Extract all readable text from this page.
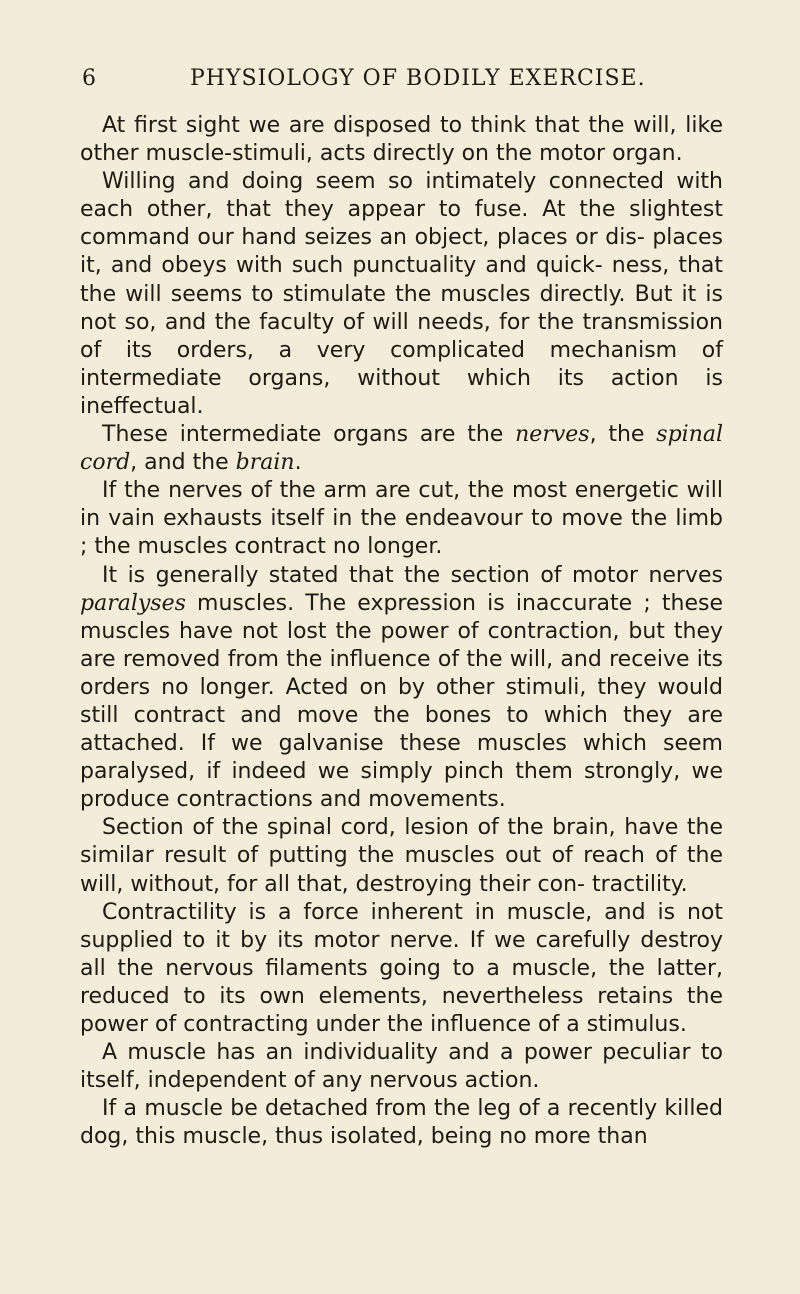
6	PHYSIOLOGY OF BODILY EXERCISE.

At first sight we are disposed to think that the will, like other muscle-stimuli, acts directly on the motor organ.

Willing and doing seem so intimately connected with each other, that they appear to fuse. At the slightest command our hand seizes an object, places or dis- places it, and obeys with such punctuality and quick- ness, that the will seems to stimulate the muscles directly. But it is not so, and the faculty of will needs, for the transmission of its orders, a very complicated mechanism of intermediate organs, without which its action is ineffectual.

These intermediate organs are the nerves, the spinal cord, and the brain.

If the nerves of the arm are cut, the most energetic will in vain exhausts itself in the endeavour to move the limb ; the muscles contract no longer.

It is generally stated that the section of motor nerves paralyses muscles. The expression is inaccurate ; these muscles have not lost the power of contraction, but they are removed from the influence of the will, and receive its orders no longer. Acted on by other stimuli, they would still contract and move the bones to which they are attached. If we galvanise these muscles which seem paralysed, if indeed we simply pinch them strongly, we produce contractions and movements.

Section of the spinal cord, lesion of the brain, have the similar result of putting the muscles out of reach of the will, without, for all that, destroying their con- tractility.

Contractility is a force inherent in muscle, and is not supplied to it by its motor nerve. If we carefully destroy all the nervous filaments going to a muscle, the latter, reduced to its own elements, nevertheless retains the power of contracting under the influence of a stimulus.

A muscle has an individuality and a power peculiar to itself, independent of any nervous action.

If a muscle be detached from the leg of a recently killed dog, this muscle, thus isolated, being no more than
